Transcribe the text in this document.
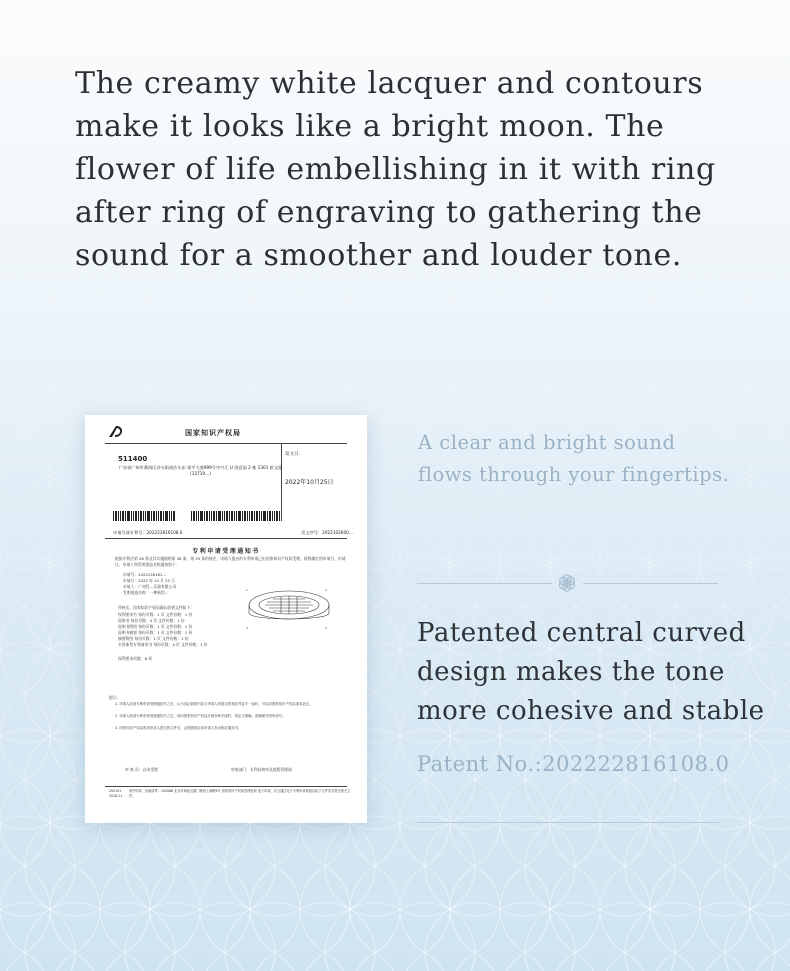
The creamy white lacquer and contours
make it looks like a bright moon. The
flower of life embellishing in it with ring
after ring of engraving to gathering the
sound for a smoother and louder tone.

国家知识产权局
511400
广东省广州市番禺区沙头街道沙头东 银平大道999号中兴汇 U 创意园 2 栋 2301 欧文桂(13719…)
发文日：
2022年10月25日
申请号或专利号：202222816108.0	发文序号：2022102600…
专利申请受理通知书
根据专利法第 28 条及其实施细则第 38 条、第 39 条的规定，申请人提出的专利申请已由国家知识产权局受理。现将确定的申请号、申请日、申请人和发明创造名称通知如下：
申请号：2022228161…
申请日：2022 年 10 月 25 日
申请人：广州凭…乐器有限公司
发明创造名称：一种新型…	1	2
3	4
经核实，国家知识产权局确认收到文件如下：
权利要求书 每份页数：1 页 文件份数：1 份
说明书 每份页数：4 页 文件份数：1 份
说明书附图 每份页数：1 页 文件份数：1 份
说明书摘要 每份页数：1 页 文件份数：1 份
摘要附图 每份页数：1 页 文件份数：1 份
实用新型专利请求书 每份页数：4 页 文件份数：1 份
权利要求项数：8 项
提示：
1. 申请人收到专利申请受理通知书之后，认为其记载的内容与申请人所提交的相应内容不一致时，可以向国家知识产权局请求更正。
2. 申请人收到专利申请受理通知书之后，再向国家知识产权局办理各种手续时，均应当准确、清晰地写明申请号。
3. 国家知识产权局收到申请人提交的文件后，会按照规定向申请人发出相应通知书。
审 查 员：自动受理	审查部门：专利局初审及流程管理部
200101
2018.11
纸件申请，回函请寄：100088 北京市海淀区蓟门桥西土城路6号 国家知识产权局受理处收 电子申请，应当通过电子专利申请系统以电子文件形式提交相关文件。

A clear and bright sound
flows through your fingertips.

Patented central curved
design makes the tone
more cohesive and stable

Patent No.:202222816108.0
